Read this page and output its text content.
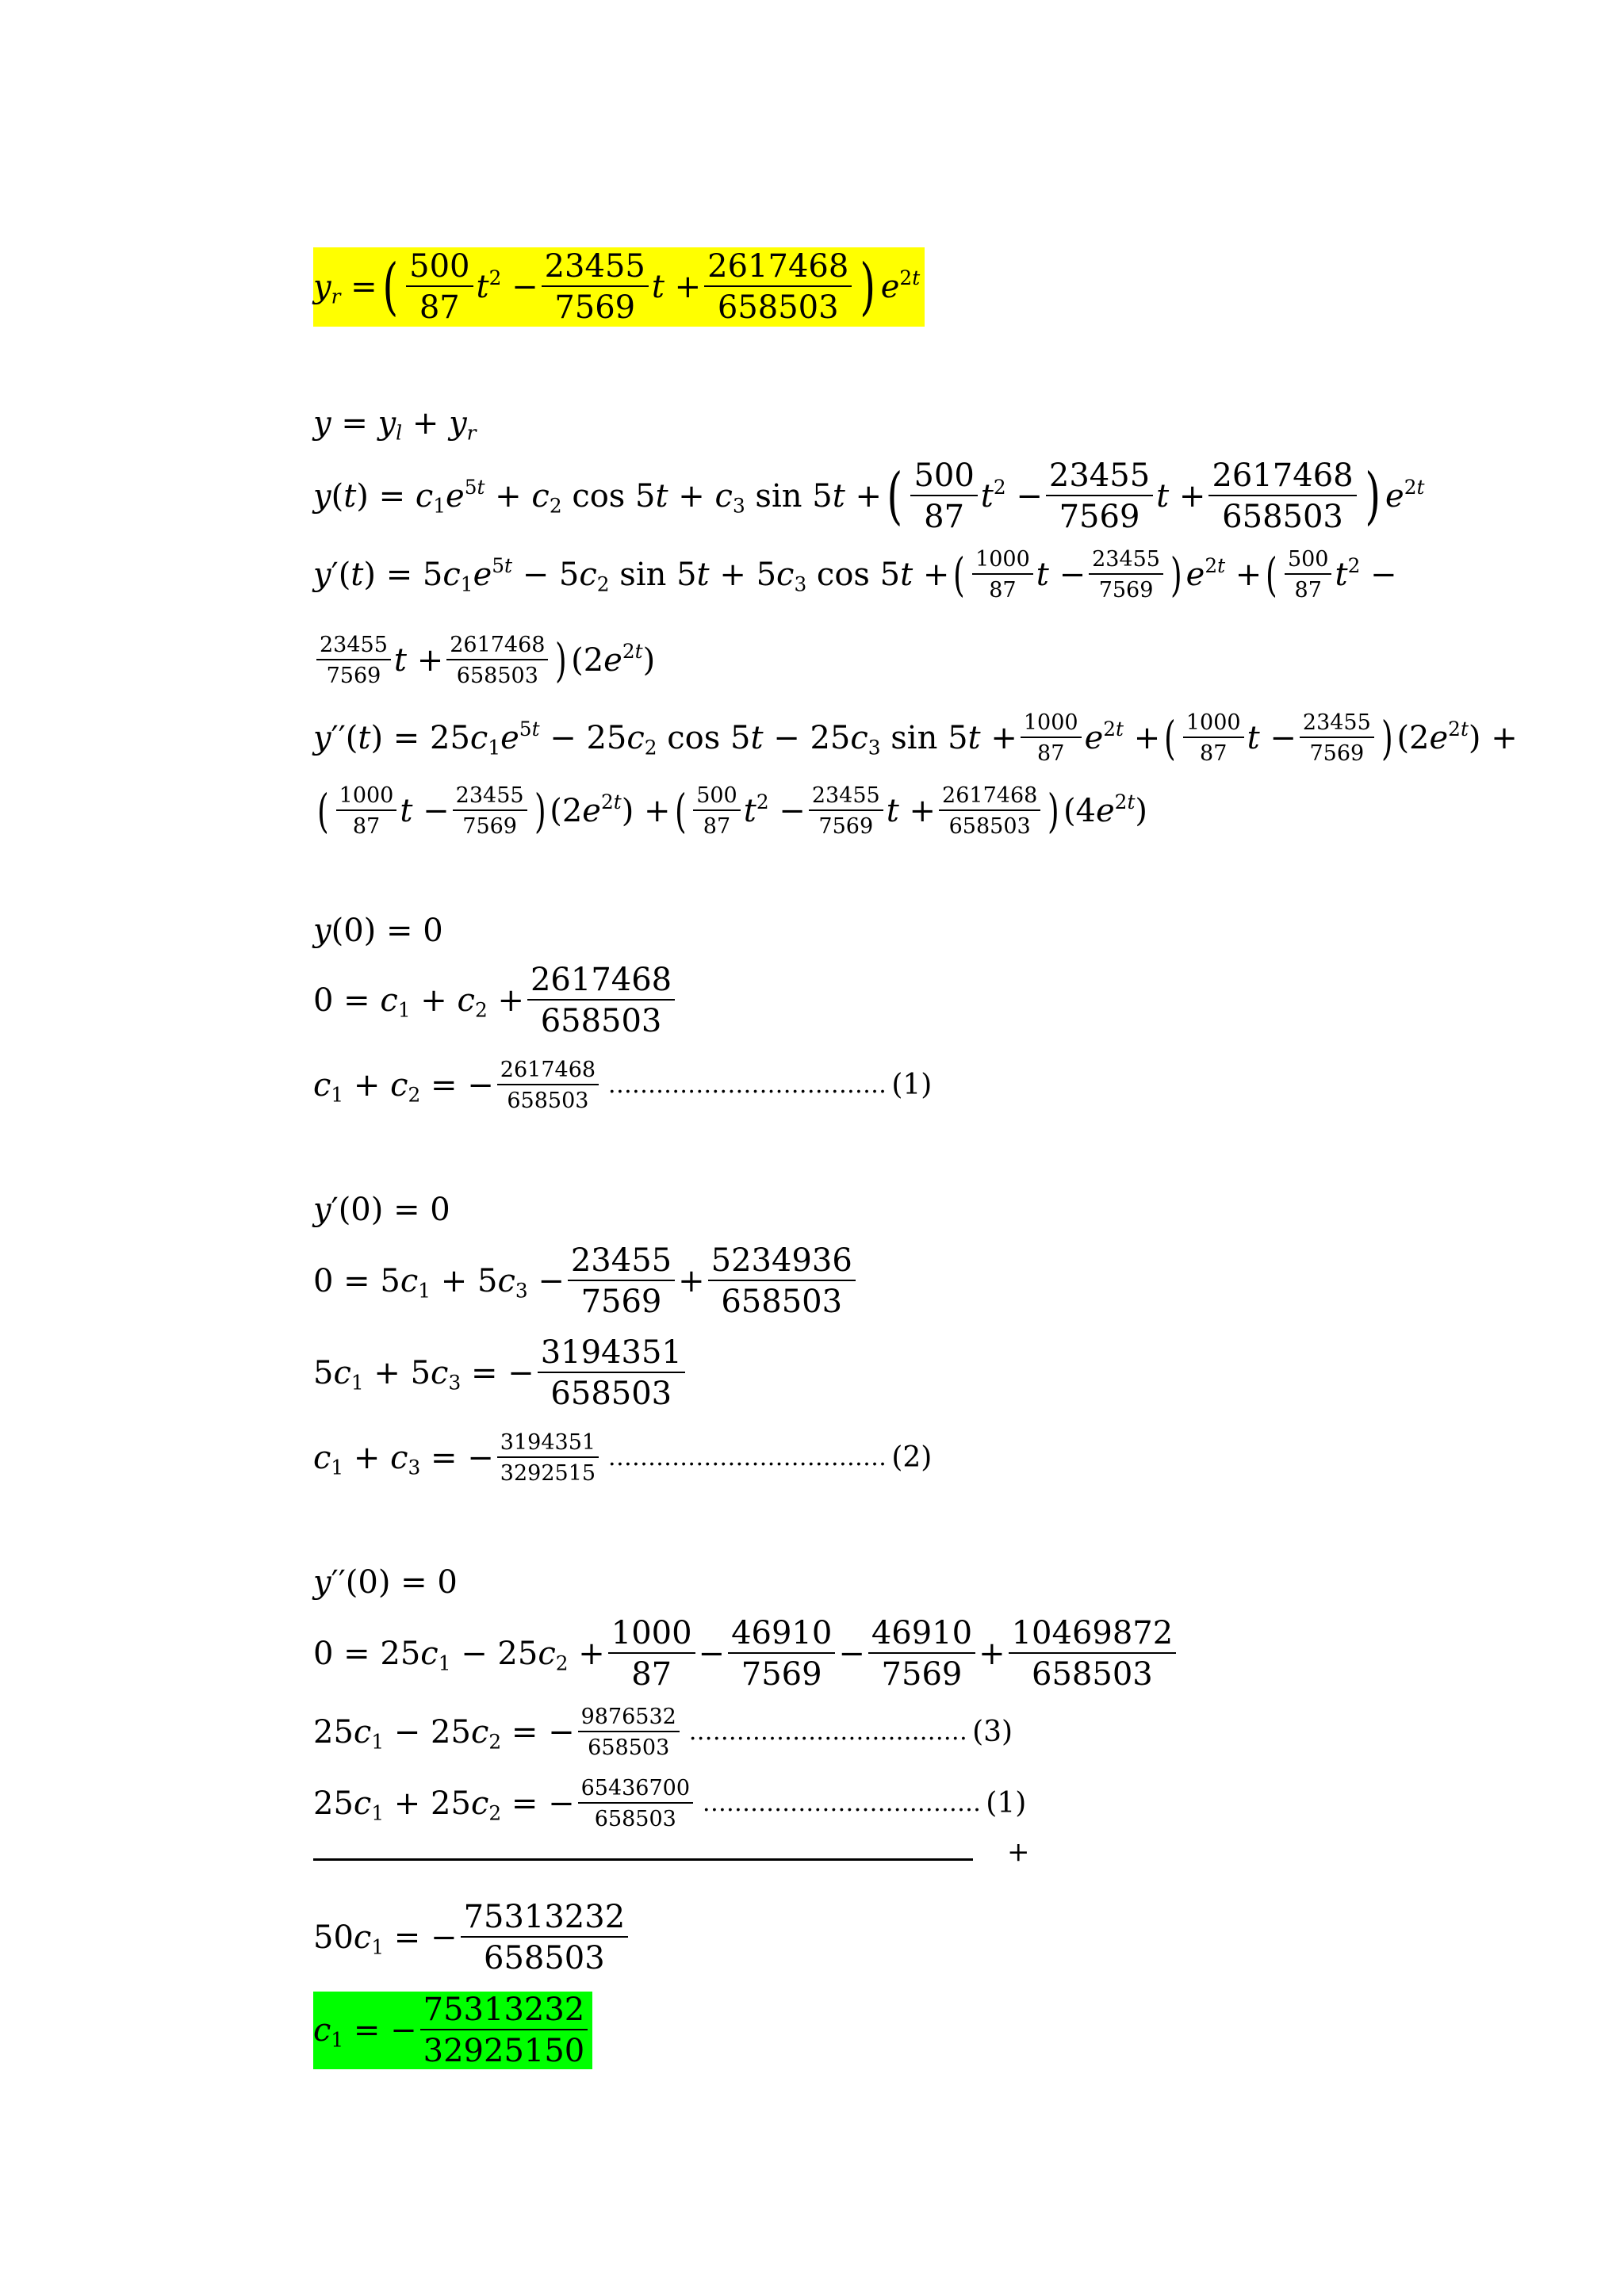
$y_r$ = ( $\frac{500}{87} t^2 - \frac{23455}{7569}$ $t + \frac{2617468}{658503}$ ) $e^{2t}$
$y = y_l + y_r$
$y(t) = c_1e^{5t} + c_2$ $\cos 5t + c_3$ sin 5t + ( $\frac{500}{87} t^2 - \frac{23455}{7569}$ $t + \frac{2617468}{658503}$ ) $e^{2t}$
$y'(t) = 5c_1e^{5t} - 5c_2$ $\sin 5t + 5c_3$ cos 5t + ( $\frac{1000}{87}$ $t - \frac{23455}{7569}$ ) $e^{2t}$ + ( $\frac{500}{87} t^2$ −
$\frac{23455}{7569}$ $t + \frac{2617468}{658503}$ ) $(2e^{2t})$
$y''(t) = 25c_1e^{5t} - 25c_2$ $\cos 5t - 25c_3$ $\sin 5t + \frac{1000}{87} e^{2t}$ + ( $\frac{1000}{87}$ $t - \frac{23455}{7569}$ ) $(2e^{2t})$ +
( $\frac{1000}{87}$ $t - \frac{23455}{7569}$ ) $(2e^{2t})$ + ( $\frac{500}{87} t^2 - \frac{23455}{7569}$ $t + \frac{2617468}{658503}$ ) $(4e^{2t})$
y(0) = 0
$0 = c_1 + c_2 + \frac{2617468}{658503}$
$c_1 + c_2$ = − $\frac{2617468}{658503}$ ................................... (1)
y′(0) = 0
$0 = 5c_1 + 5c_3 - \frac{23455}{7569} + \frac{5234936}{658503}$
$5c_1 + 5c_3$ = − $\frac{3194351}{658503}$
$c_1 + c_3$ = − $\frac{3194351}{3292515}$ ................................... (2)
y′′(0) = 0
$0 = 25c_1 - 25c_2 + \frac{1000}{87} - \frac{46910}{7569} - \frac{46910}{7569} + \frac{10469872}{658503}$
$25c_1 - 25c_2$ = − $\frac{9876532}{658503}$ ................................... (3)
$25c_1 + 25c_2$ = − $\frac{65436700}{658503}$ ................................... (1)
+
$50c_1$ = − $\frac{75313232}{658503}$
$c_1$ = − $\frac{75313232}{32925150}$
